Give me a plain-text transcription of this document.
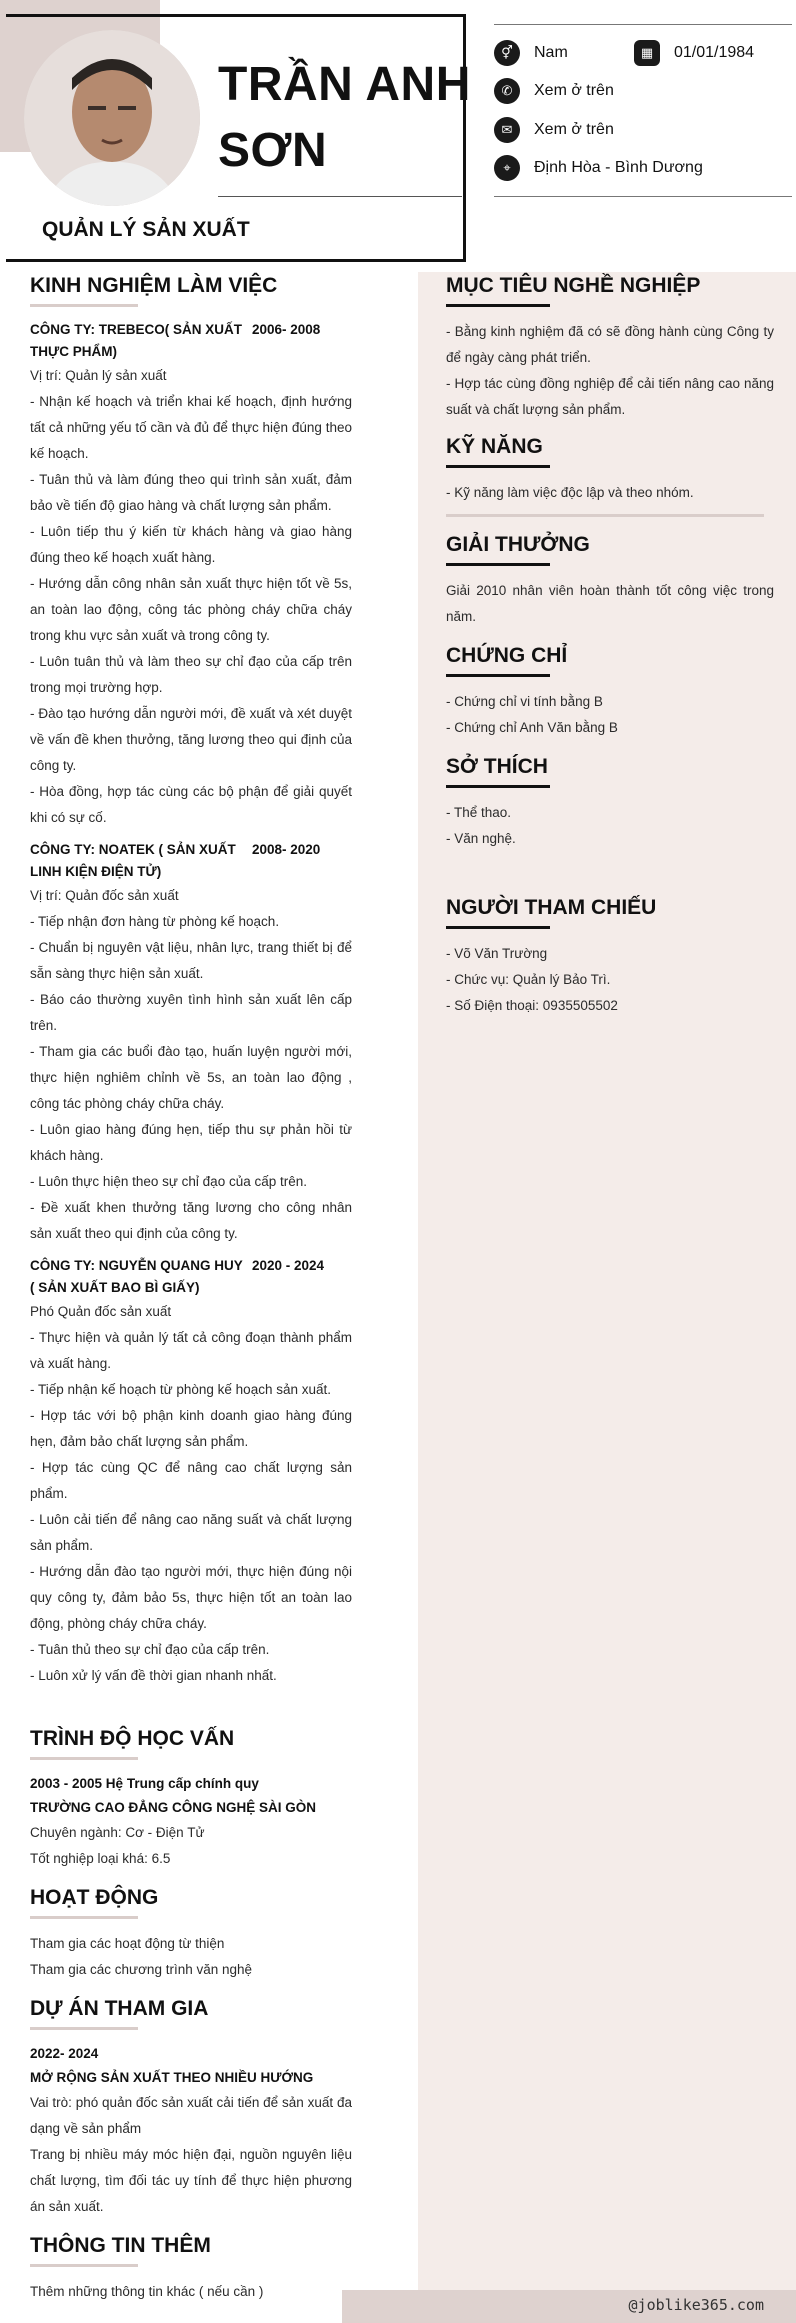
TRẦN ANH
SƠN
QUẢN LÝ SẢN XUẤT
⚥	Nam	▦	01/01/1984
✆	Xem ở trên
✉	Xem ở trên
⌖	Định Hòa - Bình Dương
KINH NGHIỆM LÀM VIỆC
CÔNG TY: TREBECO( SẢN XUẤT THỰC PHẨM)
2006- 2008
Vị trí: Quản lý sản xuất

- Nhận kế hoạch và triển khai kế hoạch, định hướng tất cả những yếu tố cần và đủ để thực hiện đúng theo kế hoạch.

- Tuân thủ và làm đúng theo qui trình sản xuất, đảm bảo về tiến độ giao hàng và chất lượng sản phẩm.

- Luôn tiếp thu ý kiến từ khách hàng và giao hàng đúng theo kế hoạch xuất hàng.

- Hướng dẫn công nhân sản xuất thực hiện tốt về 5s, an toàn lao động, công tác phòng cháy chữa cháy trong khu vực sản xuất và trong công ty.

- Luôn tuân thủ và làm theo sự chỉ đạo của cấp trên trong mọi trường hợp.

- Đào tạo hướng dẫn người mới, đề xuất và xét duyệt về vấn đề khen thưởng, tăng lương theo qui định của công ty.

- Hòa đồng, hợp tác cùng các bộ phận để giải quyết khi có sự cố.

CÔNG TY: NOATEK ( SẢN XUẤT LINH KIỆN ĐIỆN TỬ)
2008- 2020
Vị trí: Quản đốc sản xuất

- Tiếp nhận đơn hàng từ phòng kế hoạch.

- Chuẩn bị nguyên vật liệu, nhân lực, trang thiết bị để sẵn sàng thực hiện sản xuất.

- Báo cáo thường xuyên tình hình sản xuất lên cấp trên.

- Tham gia các buổi đào tạo, huấn luyện người mới, thực hiện nghiêm chỉnh về 5s, an toàn lao động , công tác phòng cháy chữa cháy.

- Luôn giao hàng đúng hẹn, tiếp thu sự phản hồi từ khách hàng.

- Luôn thực hiện theo sự chỉ đạo của cấp trên.

- Đề xuất khen thưởng tăng lương cho công nhân sản xuất theo qui định của công ty.

CÔNG TY: NGUYỄN QUANG HUY ( SẢN XUẤT BAO BÌ GIẤY)
2020 - 2024
Phó Quản đốc sản xuất

- Thực hiện và quản lý tất cả công đoạn thành phẩm và xuất hàng.

- Tiếp nhận kế hoạch từ phòng kế hoạch sản xuất.

- Hợp tác với bộ phận kinh doanh giao hàng đúng hẹn, đảm bảo chất lượng sản phẩm.

- Hợp tác cùng QC để nâng cao chất lượng sản phẩm.

- Luôn cải tiến để nâng cao năng suất và chất lượng sản phẩm.

- Hướng dẫn đào tạo người mới, thực hiện đúng nội quy công ty, đảm bảo 5s, thực hiện tốt an toàn lao động, phòng cháy chữa cháy.

- Tuân thủ theo sự chỉ đạo của cấp trên.

- Luôn xử lý vấn đề thời gian nhanh nhất.

TRÌNH ĐỘ HỌC VẤN
2003 - 2005 Hệ Trung cấp chính quy
TRƯỜNG CAO ĐẲNG CÔNG NGHỆ SÀI GÒN
Chuyên ngành: Cơ - Điện Tử
Tốt nghiệp loại khá: 6.5
HOẠT ĐỘNG
Tham gia các hoạt động từ thiện
Tham gia các chương trình văn nghệ
DỰ ÁN THAM GIA
2022- 2024
MỞ RỘNG SẢN XUẤT THEO NHIỀU HƯỚNG

Vai trò: phó quản đốc sản xuất cải tiến để sản xuất đa dạng về sản phẩm

Trang bị nhiều máy móc hiện đại, nguồn nguyên liệu chất lượng, tìm đối tác uy tính để thực hiện phương án sản xuất.

THÔNG TIN THÊM
Thêm những thông tin khác ( nếu cần )
MỤC TIÊU NGHỀ NGHIỆP

- Bằng kinh nghiệm đã có sẽ đồng hành cùng Công ty để ngày càng phát triển.

- Hợp tác cùng đồng nghiệp để cải tiến nâng cao năng suất và chất lượng sản phẩm.

KỸ NĂNG
- Kỹ năng làm việc độc lập và theo nhóm.
GIẢI THƯỞNG

Giải 2010 nhân viên hoàn thành tốt công việc trong năm.

CHỨNG CHỈ
- Chứng chỉ vi tính bằng B
- Chứng chỉ Anh Văn bằng B
SỞ THÍCH
- Thể thao.
- Văn nghệ.
NGƯỜI THAM CHIẾU
- Võ Văn Trường
- Chức vụ: Quản lý Bảo Trì.
- Số Điện thoại: 0935505502
@joblike365.com
